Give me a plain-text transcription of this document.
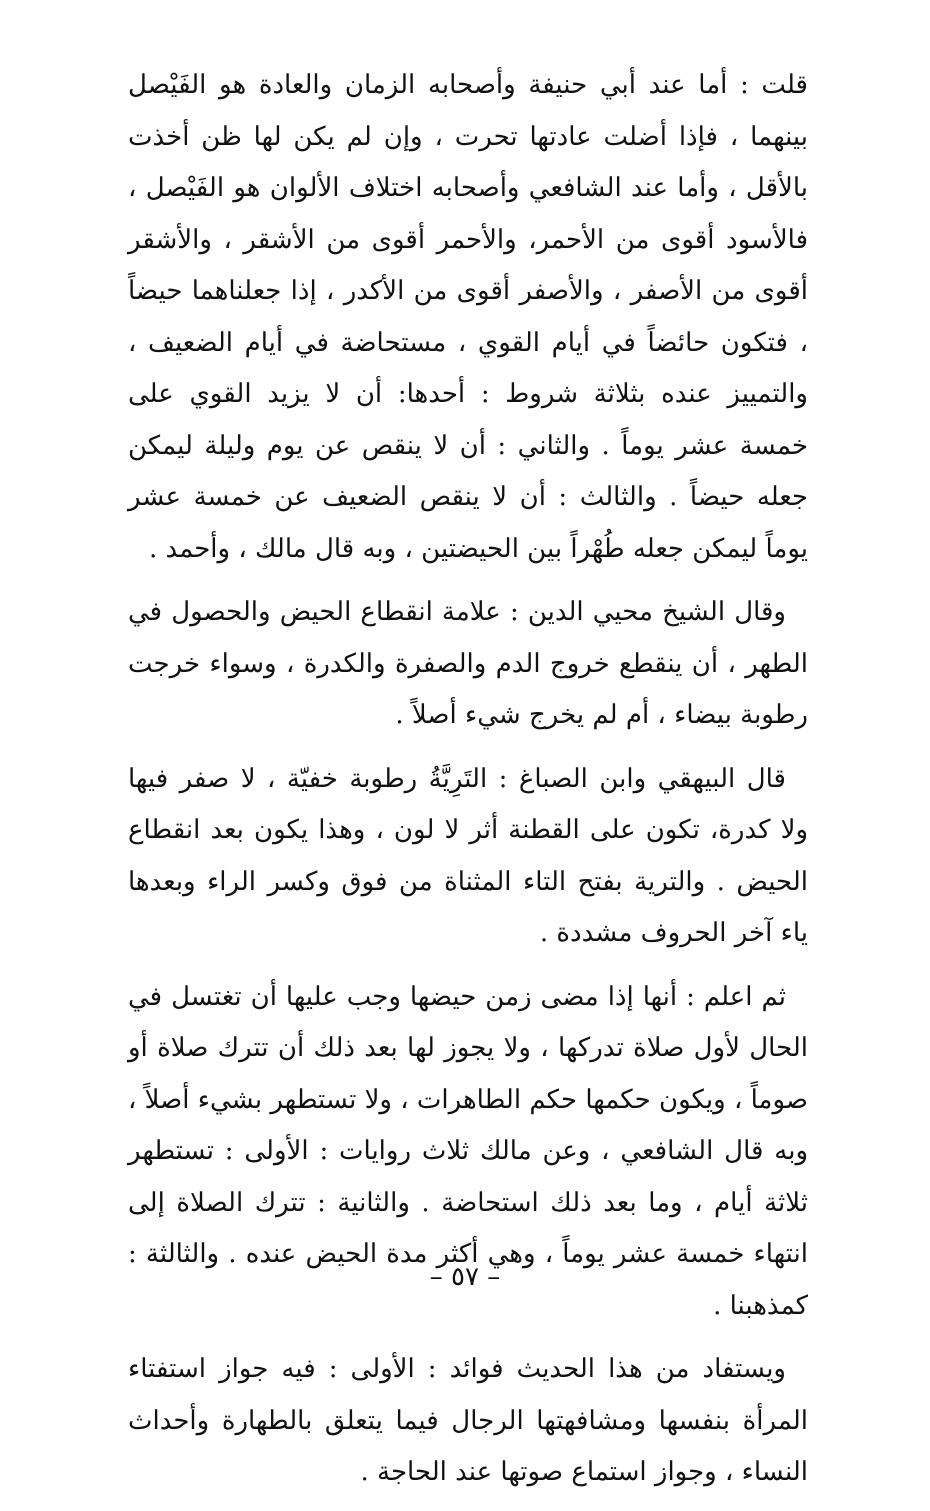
قلت : أما عند أبي حنيفة وأصحابه الزمان والعادة هو الفَيْصل بينهما ، فإذا أضلت عادتها تحرت ، وإن لم يكن لها ظن أخذت بالأقل ، وأما عند الشافعي وأصحابه اختلاف الألوان هو الفَيْصل ، فالأسود أقوى من الأحمر، والأحمر أقوى من الأشقر ، والأشقر أقوى من الأصفر ، والأصفر أقوى من الأكدر ، إذا جعلناهما حيضاً ، فتكون حائضاً في أيام القوي ، مستحاضة في أيام الضعيف ، والتمييز عنده بثلاثة شروط : أحدها: أن لا يزيد القوي على خمسة عشر يوماً . والثاني : أن لا ينقص عن يوم وليلة ليمكن جعله حيضاً . والثالث : أن لا ينقص الضعيف عن خمسة عشر يوماً ليمكن جعله طُهْراً بين الحيضتين ، وبه قال مالك ، وأحمد .

وقال الشيخ محيي الدين : علامة انقطاع الحيض والحصول في الطهر ، أن ينقطع خروج الدم والصفرة والكدرة ، وسواء خرجت رطوبة بيضاء ، أم لم يخرج شيء أصلاً .

قال البيهقي وابن الصباغ : التَرِيَّةُ رطوبة خفيّة ، لا صفر فيها ولا كدرة، تكون على القطنة أثر لا لون ، وهذا يكون بعد انقطاع الحيض . والترية بفتح التاء المثناة من فوق وكسر الراء وبعدها ياء آخر الحروف مشددة .

ثم اعلم : أنها إذا مضى زمن حيضها وجب عليها أن تغتسل في الحال لأول صلاة تدركها ، ولا يجوز لها بعد ذلك أن تترك صلاة أو صوماً ، ويكون حكمها حكم الطاهرات ، ولا تستطهر بشيء أصلاً ، وبه قال الشافعي ، وعن مالك ثلاث روايات : الأولى : تستطهر ثلاثة أيام ، وما بعد ذلك استحاضة . والثانية : تترك الصلاة إلى انتهاء خمسة عشر يوماً ، وهي أكثر مدة الحيض عنده . والثالثة : كمذهبنا .

ويستفاد من هذا الحديث فوائد : الأولى : فيه جواز استفتاء المرأة بنفسها ومشافهتها الرجال فيما يتعلق بالطهارة وأحداث النساء ، وجواز استماع صوتها عند الحاجة .

– ٥٧ –
